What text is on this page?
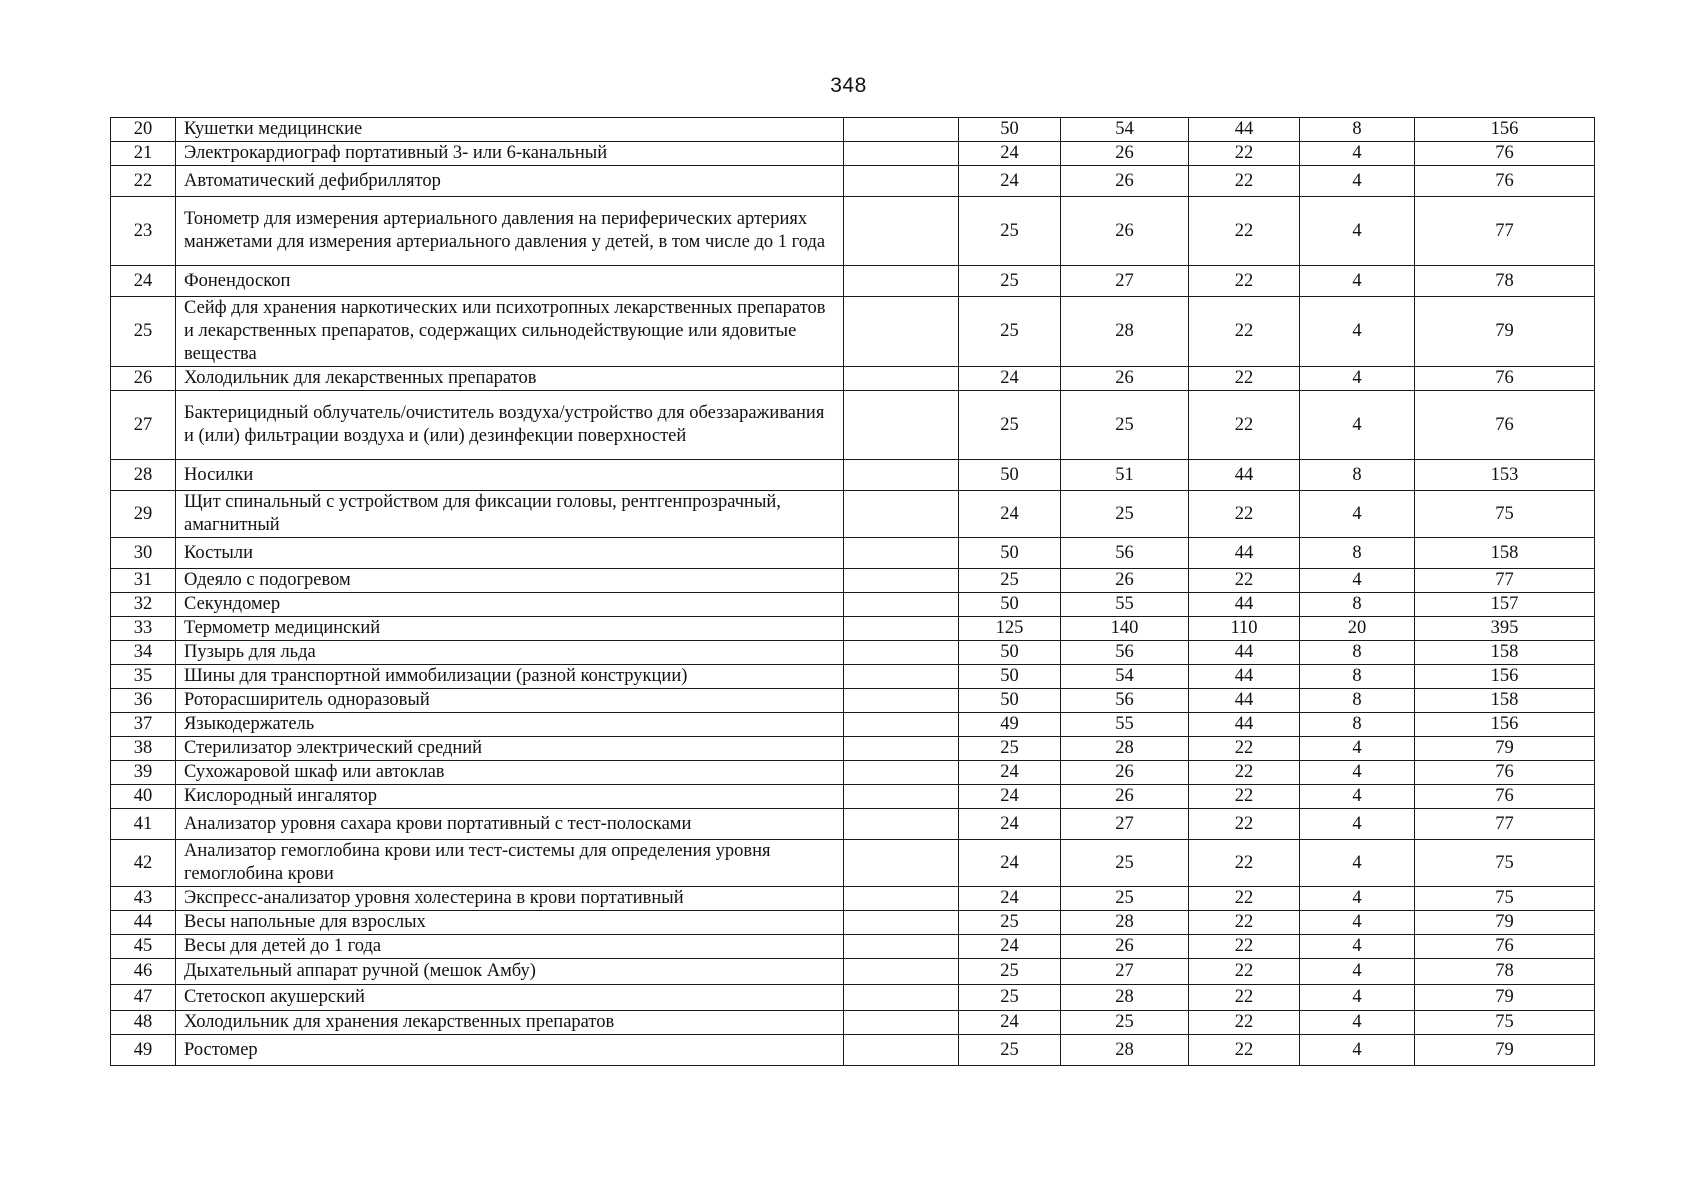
348
20	Кушетки медицинские		50	54	44	8	156
21	Электрокардиограф портативный 3- или 6-канальный		24	26	22	4	76
22	Автоматический дефибриллятор		24	26	22	4	76
23	Тонометр для измерения артериального давления на периферических артериях манжетами для измерения артериального давления у детей, в том числе до 1 года		25	26	22	4	77
24	Фонендоскоп		25	27	22	4	78
25	Сейф для хранения наркотических или психотропных лекарственных препаратов и лекарственных препаратов, содержащих сильнодействующие или ядовитые вещества		25	28	22	4	79
26	Холодильник для лекарственных препаратов		24	26	22	4	76
27	Бактерицидный облучатель/очиститель воздуха/устройство для обеззараживания и (или) фильтрации воздуха и (или) дезинфекции поверхностей		25	25	22	4	76
28	Носилки		50	51	44	8	153
29	Щит спинальный с устройством для фиксации головы, рентгенпрозрачный, амагнитный		24	25	22	4	75
30	Костыли		50	56	44	8	158
31	Одеяло с подогревом		25	26	22	4	77
32	Секундомер		50	55	44	8	157
33	Термометр медицинский		125	140	110	20	395
34	Пузырь для льда		50	56	44	8	158
35	Шины для транспортной иммобилизации (разной конструкции)		50	54	44	8	156
36	Роторасширитель одноразовый		50	56	44	8	158
37	Языкодержатель		49	55	44	8	156
38	Стерилизатор электрический средний		25	28	22	4	79
39	Сухожаровой шкаф или автоклав		24	26	22	4	76
40	Кислородный ингалятор		24	26	22	4	76
41	Анализатор уровня сахара крови портативный с тест-полосками		24	27	22	4	77
42	Анализатор гемоглобина крови или тест-системы для определения уровня гемоглобина крови		24	25	22	4	75
43	Экспресс-анализатор уровня холестерина в крови портативный		24	25	22	4	75
44	Весы напольные для взрослых		25	28	22	4	79
45	Весы для детей до 1 года		24	26	22	4	76
46	Дыхательный аппарат ручной (мешок Амбу)		25	27	22	4	78
47	Стетоскоп акушерский		25	28	22	4	79
48	Холодильник для хранения лекарственных препаратов		24	25	22	4	75
49	Ростомер		25	28	22	4	79
